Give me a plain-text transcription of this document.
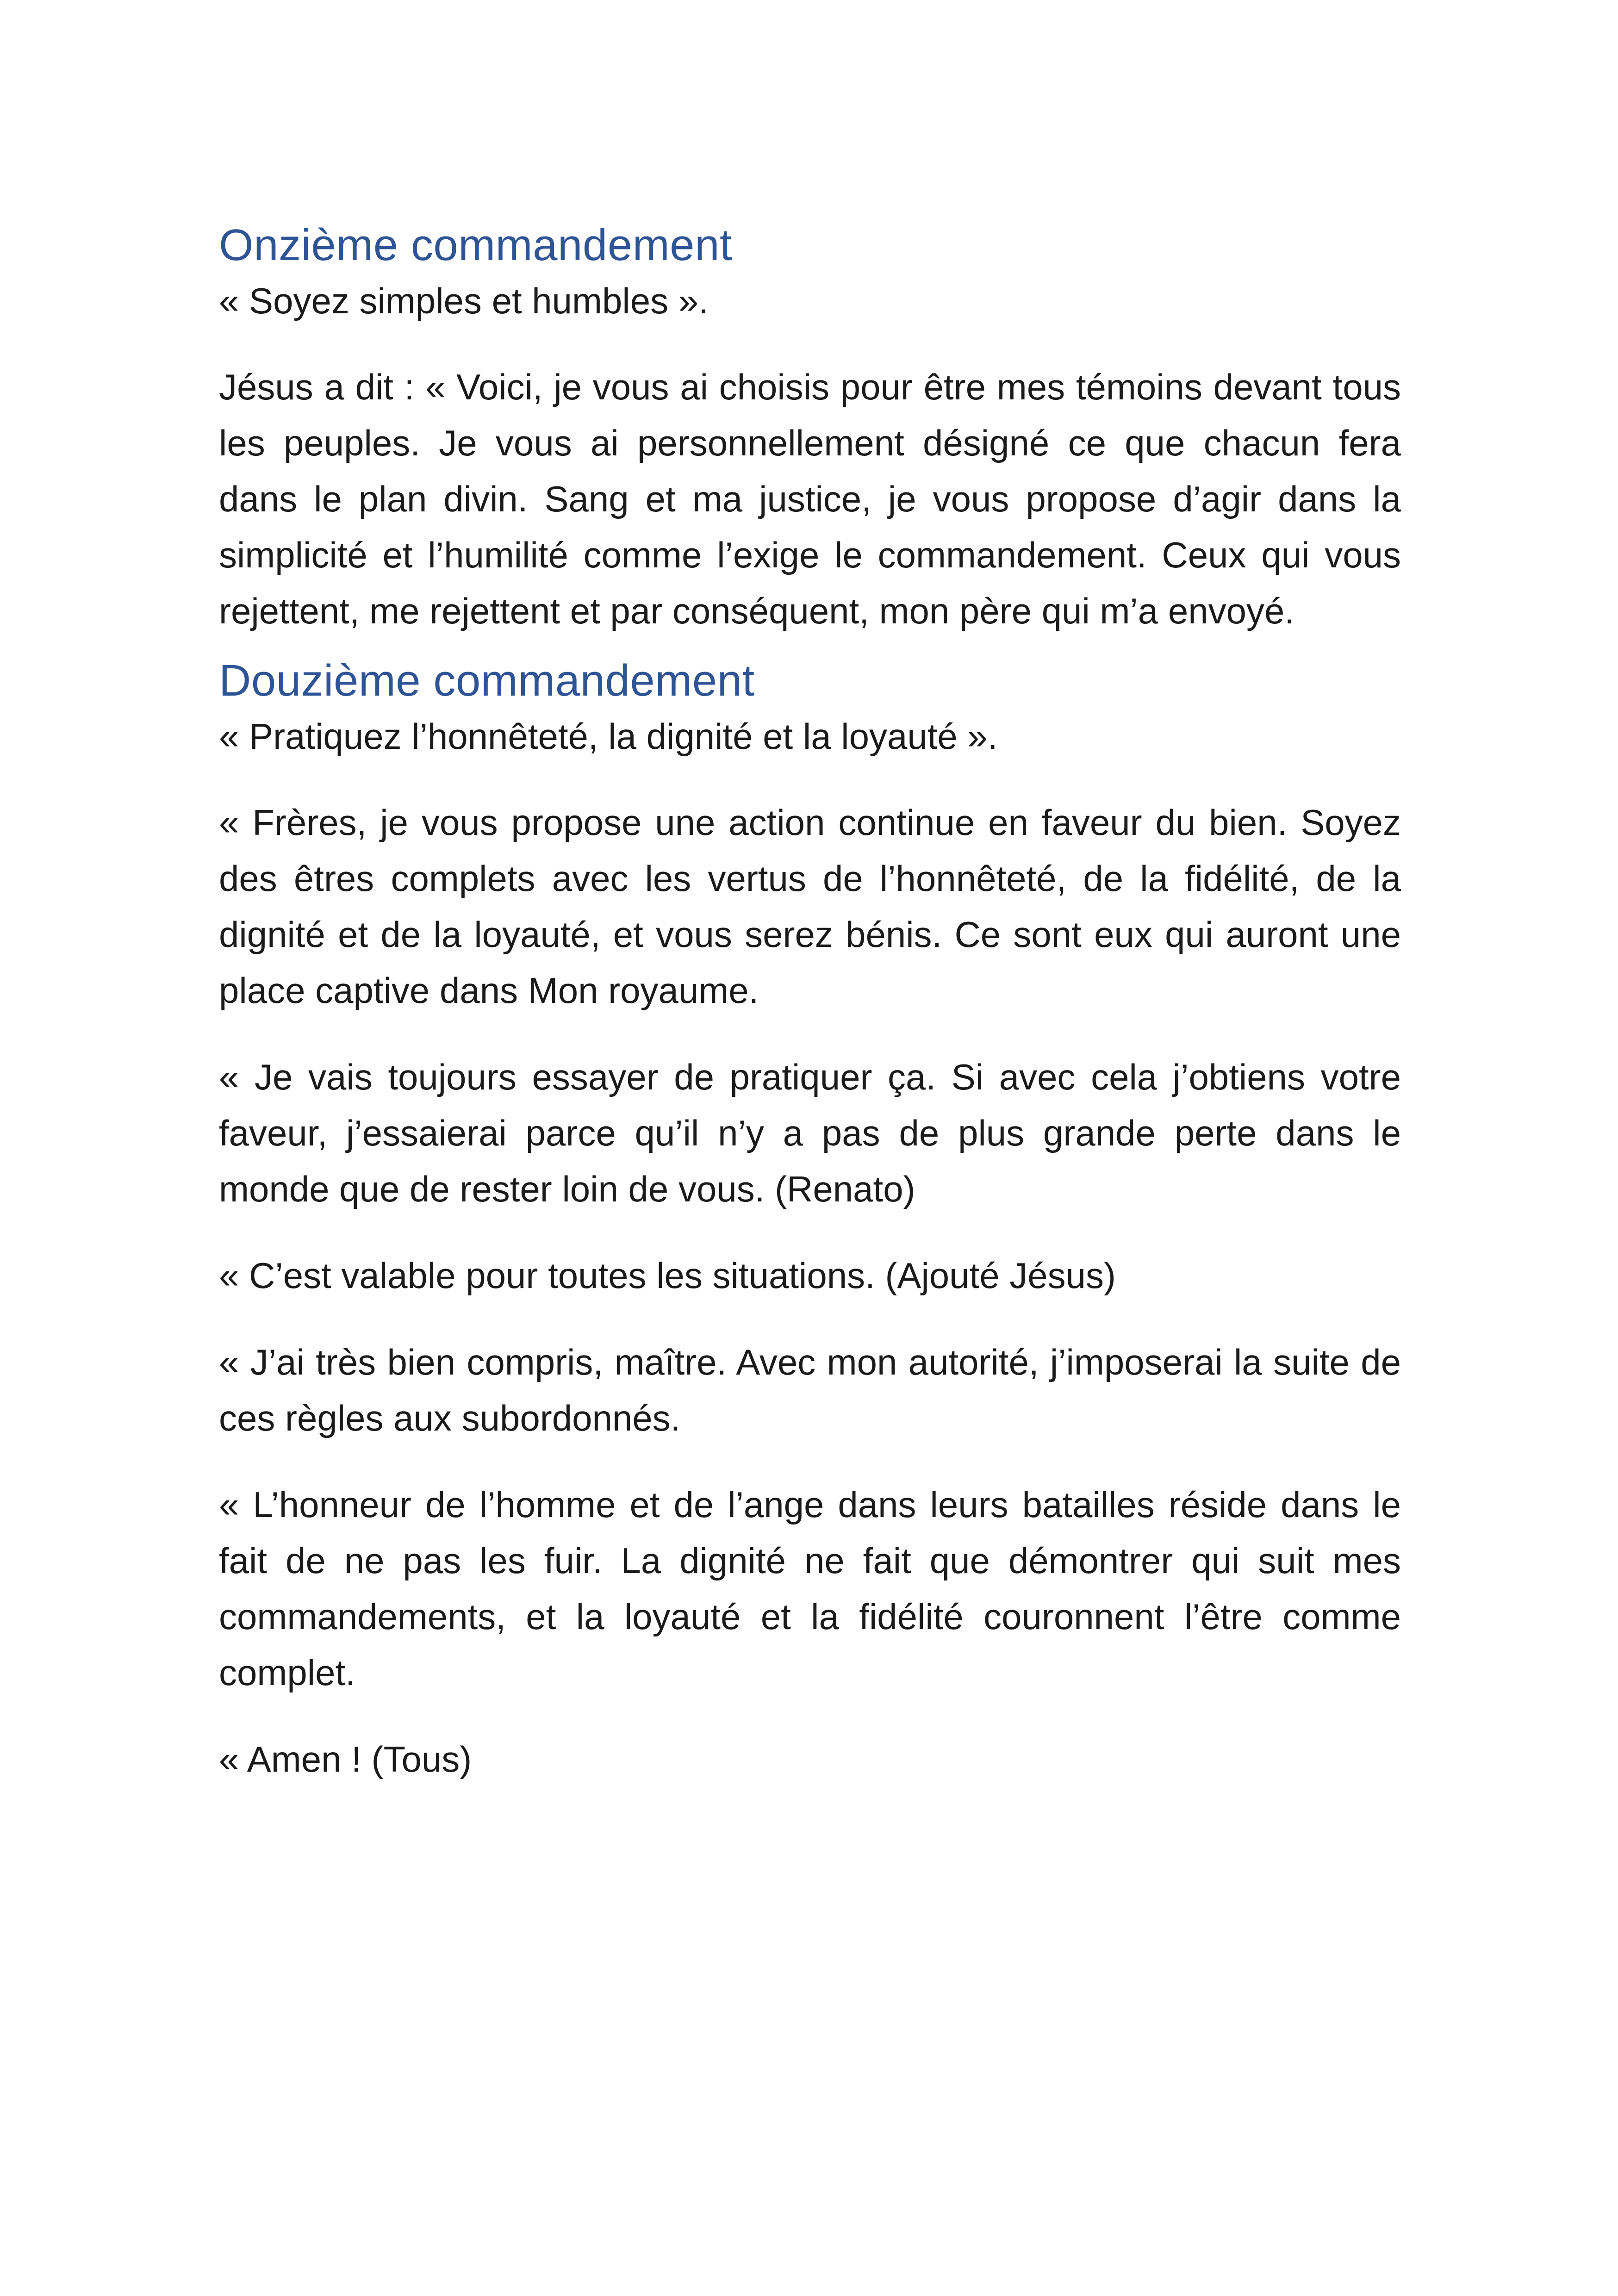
Onzième commandement

« Soyez simples et humbles ».

Jésus a dit : « Voici, je vous ai choisis pour être mes témoins devant tous les peuples. Je vous ai personnellement désigné ce que chacun fera dans le plan divin. Sang et ma justice, je vous propose d’agir dans la simplicité et l’humilité comme l’exige le commandement. Ceux qui vous rejettent, me rejettent et par conséquent, mon père qui m’a envoyé.

Douzième commandement

« Pratiquez l’honnêteté, la dignité et la loyauté ».

« Frères, je vous propose une action continue en faveur du bien. Soyez des êtres complets avec les vertus de l’honnêteté, de la fidélité, de la dignité et de la loyauté, et vous serez bénis. Ce sont eux qui auront une place captive dans Mon royaume.

« Je vais toujours essayer de pratiquer ça. Si avec cela j’obtiens votre faveur, j’essaierai parce qu’il n’y a pas de plus grande perte dans le monde que de rester loin de vous. (Renato)

« C’est valable pour toutes les situations. (Ajouté Jésus)

« J’ai très bien compris, maître. Avec mon autorité, j’imposerai la suite de ces règles aux subordonnés.

« L’honneur de l’homme et de l’ange dans leurs batailles réside dans le fait de ne pas les fuir. La dignité ne fait que démontrer qui suit mes commandements, et la loyauté et la fidélité couronnent l’être comme complet.

« Amen ! (Tous)
